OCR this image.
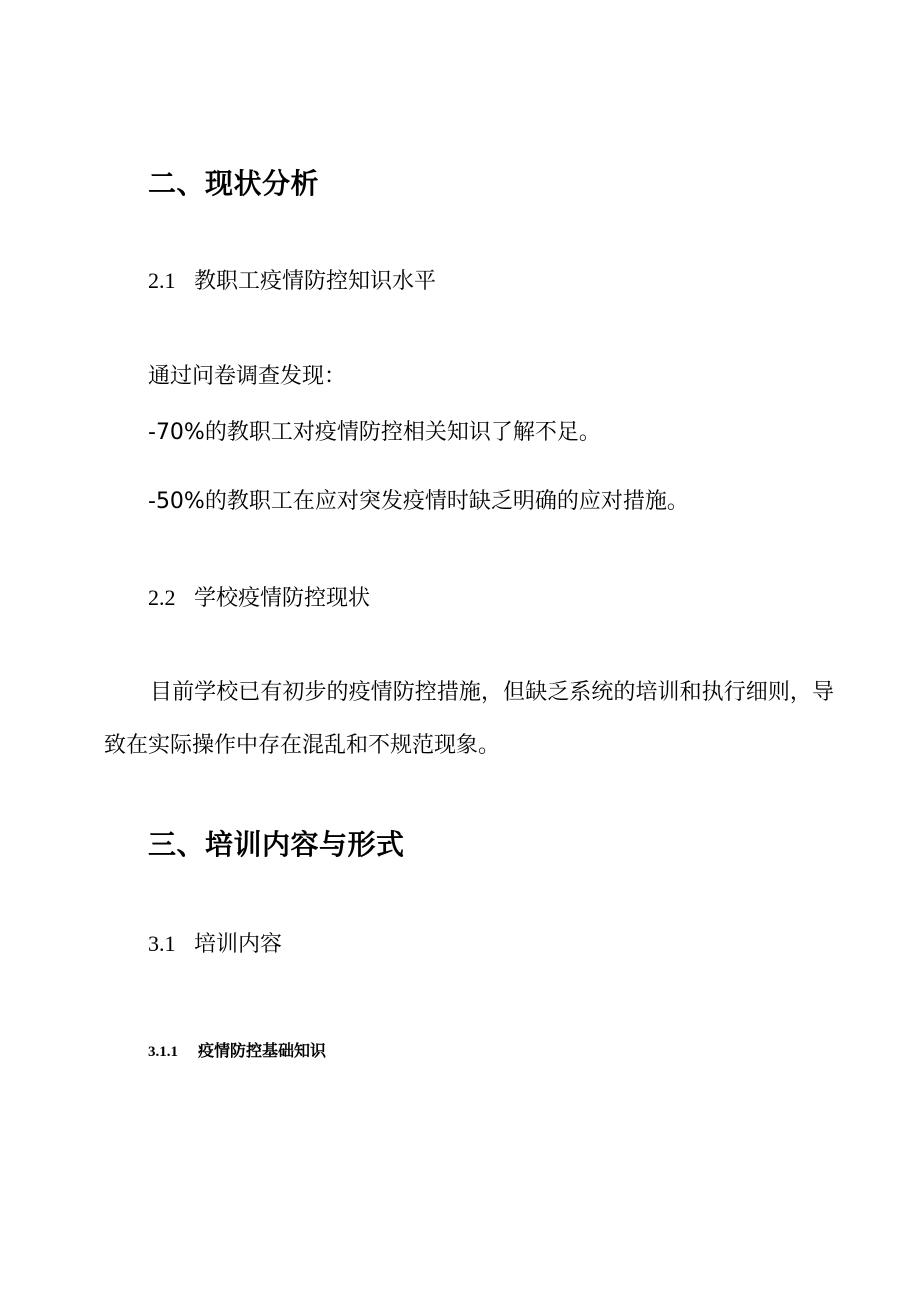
二、现状分析
2.1 教职工疫情防控知识水平
通过问卷调查发现：
-70%的教职工对疫情防控相关知识了解不足。
-50%的教职工在应对突发疫情时缺乏明确的应对措施。
2.2 学校疫情防控现状
目前学校已有初步的疫情防控措施，但缺乏系统的培训和执行细则，导致在实际操作中存在混乱和不规范现象。
三、培训内容与形式
3.1 培训内容
3.1.1 疫情防控基础知识
